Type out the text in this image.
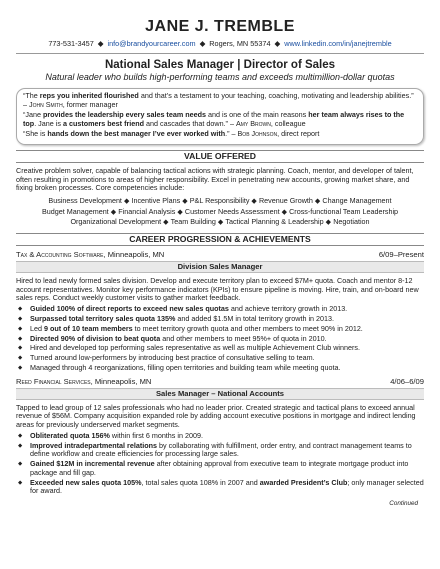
JANE J. TREMBLE
773-531-3457 ◆ info@brandyourcareer.com ◆ Rogers, MN 55374 ◆ www.linkedin.com/in/janejtremble
National Sales Manager | Director of Sales
Natural leader who builds high-performing teams and exceeds multimillion-dollar quotas
“The reps you inherited flourished and that’s a testament to your teaching, coaching, motivating and leadership abilities.” – John Smith, former manager
“Jane provides the leadership every sales team needs and is one of the main reasons her team always rises to the top. Jane is a customers best friend and cascades that down.” – Amy Brown, colleague
“She is hands down the best manager I’ve ever worked with.” – Bob Johnson, direct report
VALUE OFFERED
Creative problem solver, capable of balancing tactical actions with strategic planning. Coach, mentor, and developer of talent, often resulting in promotions to areas of higher responsibility. Excel in penetrating new accounts, growing market share, and fixing broken processes. Core competencies include:
Business Development ◆ Incentive Plans ◆ P&L Responsibility ◆ Revenue Growth ◆ Change Management
Budget Management ◆ Financial Analysis ◆ Customer Needs Assessment ◆ Cross-functional Team Leadership
Organizational Development ◆ Team Building ◆ Tactical Planning & Leadership ◆ Negotiation
CAREER PROGRESSION & ACHIEVEMENTS
Tax & Accounting Software, Minneapolis, MN	6/09–Present
Division Sales Manager
Hired to lead newly formed sales division. Develop and execute territory plan to exceed $7M+ quota. Coach and mentor 8-12 account representatives. Monitor key performance indicators (KPIs) to ensure pipeline is moving. Hire, train, and on-board new sales reps. Conduct weekly customer visits to gather market feedback.
◆ Guided 100% of direct reports to exceed new sales quotas and achieve territory growth in 2013.
◆ Surpassed total territory sales quota 135% and added $1.5M in total territory growth in 2013.
◆ Led 9 out of 10 team members to meet territory growth quota and other members to meet 90% in 2012.
◆ Directed 90% of division to beat quota and other members to meet 95%+ of quota in 2010.
◆ Hired and developed top performing sales representative as well as multiple Achievement Club winners.
◆ Turned around low-performers by introducing best practice of consultative selling to team.
◆ Managed through 4 reorganizations, filling open territories and building team while meeting quota.
Reed Financial Services, Minneapolis, MN	4/06–6/09
Sales Manager – National Accounts
Tapped to lead group of 12 sales professionals who had no leader prior. Created strategic and tactical plans to exceed annual revenue of $56M. Company acquisition expanded role by adding account executive positions in mortgage and indirect lending areas for previously underserved market segments.
◆ Obliterated quota 156% within first 6 months in 2009.
◆ Improved intradepartmental relations by collaborating with fulfillment, order entry, and contract management teams to define workflow and create efficiencies for processing large sales.
◆ Gained $12M in incremental revenue after obtaining approval from executive team to integrate mortgage product into package and fill gap.
◆ Exceeded new sales quota 105%, total sales quota 108% in 2007 and awarded President’s Club; only manager selected for award.
Continued
